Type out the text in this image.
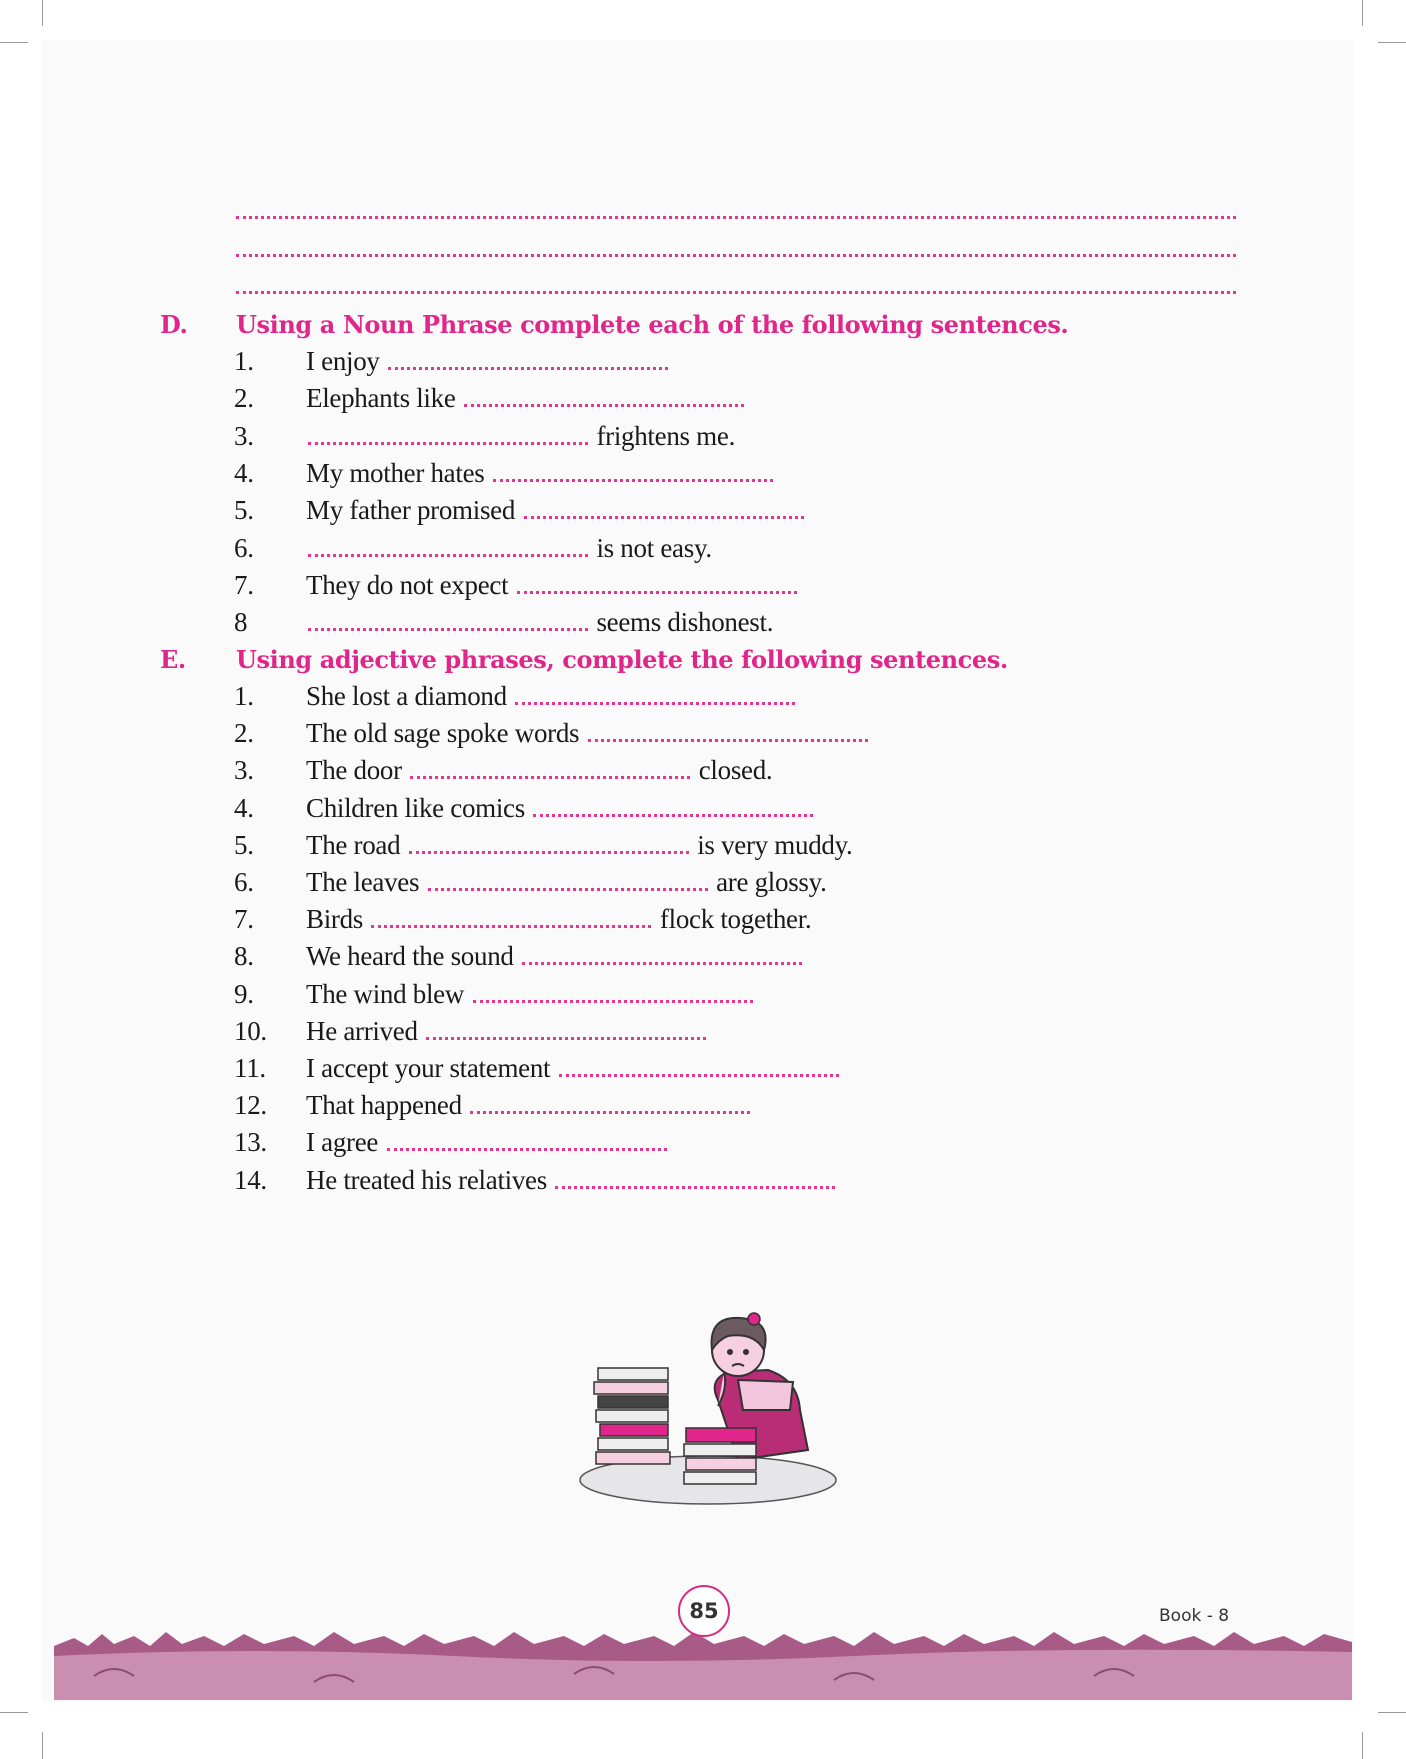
D. Using a Noun Phrase complete each of the following sentences.
1. I enjoy
2. Elephants like
3.	frightens me.
4. My mother hates
5. My father promised
6.	is not easy.
7. They do not expect
8	seems dishonest.
E. Using adjective phrases, complete the following sentences.
1. She lost a diamond
2. The old sage spoke words
3. The door	closed.
4. Children like comics
5. The road	is very muddy.
6. The leaves	are glossy.
7. Birds	flock together.
8. We heard the sound
9. The wind blew
10. He arrived
11. I accept your statement
12. That happened
13. I agree
14. He treated his relatives
85	Book - 8
